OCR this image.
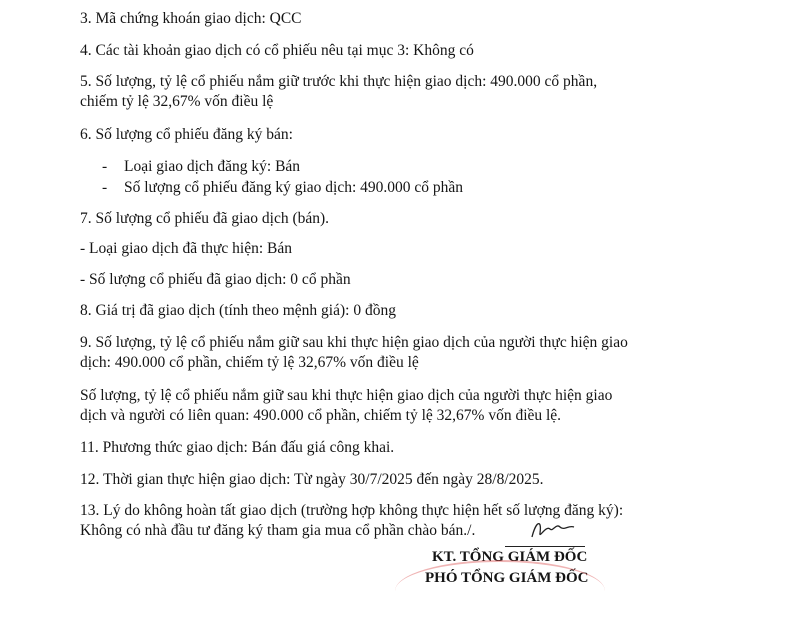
3. Mã chứng khoán giao dịch: QCC
4. Các tài khoản giao dịch có cổ phiếu nêu tại mục 3: Không có
5. Số lượng, tỷ lệ cổ phiếu nắm giữ trước khi thực hiện giao dịch: 490.000 cổ phần,
chiếm tỷ lệ 32,67% vốn điều lệ
6. Số lượng cổ phiếu đăng ký bán:
- Loại giao dịch đăng ký: Bán
- Số lượng cổ phiếu đăng ký giao dịch: 490.000 cổ phần
7. Số lượng cổ phiếu đã giao dịch (bán).
- Loại giao dịch đã thực hiện: Bán
- Số lượng cổ phiếu đã giao dịch: 0 cổ phần
8. Giá trị đã giao dịch (tính theo mệnh giá): 0 đồng
9. Số lượng, tỷ lệ cổ phiếu nắm giữ sau khi thực hiện giao dịch của người thực hiện giao
dịch: 490.000 cổ phần, chiếm tỷ lệ 32,67% vốn điều lệ
Số lượng, tỷ lệ cổ phiếu nắm giữ sau khi thực hiện giao dịch của người thực hiện giao
dịch và người có liên quan: 490.000 cổ phần, chiếm tỷ lệ 32,67% vốn điều lệ.
11. Phương thức giao dịch: Bán đấu giá công khai.
12. Thời gian thực hiện giao dịch: Từ ngày 30/7/2025 đến ngày 28/8/2025.
13. Lý do không hoàn tất giao dịch (trường hợp không thực hiện hết số lượng đăng ký):
Không có nhà đầu tư đăng ký tham gia mua cổ phần chào bán./.
KT. TỔNG GIÁM ĐỐC
PHÓ TỔNG GIÁM ĐỐC
